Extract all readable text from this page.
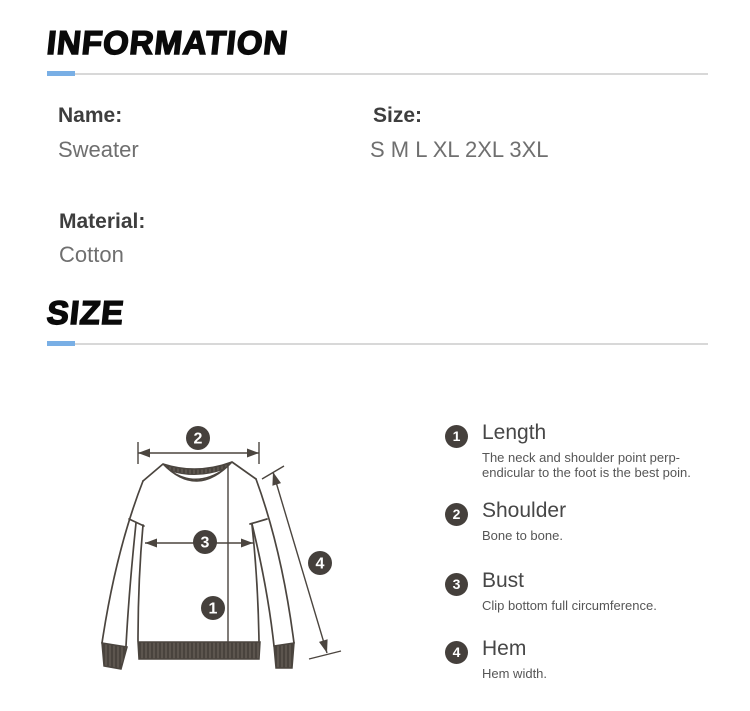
INFORMATION
Name:
Sweater
Size:
S M L XL 2XL 3XL
Material:
Cotton
SIZE
2
3
1
4
1	Length
The neck and shoulder point perp-
endicular to the foot is the best poin.
2	Shoulder
Bone to bone.
3	Bust
Clip bottom full circumference.
4	Hem
Hem width.
